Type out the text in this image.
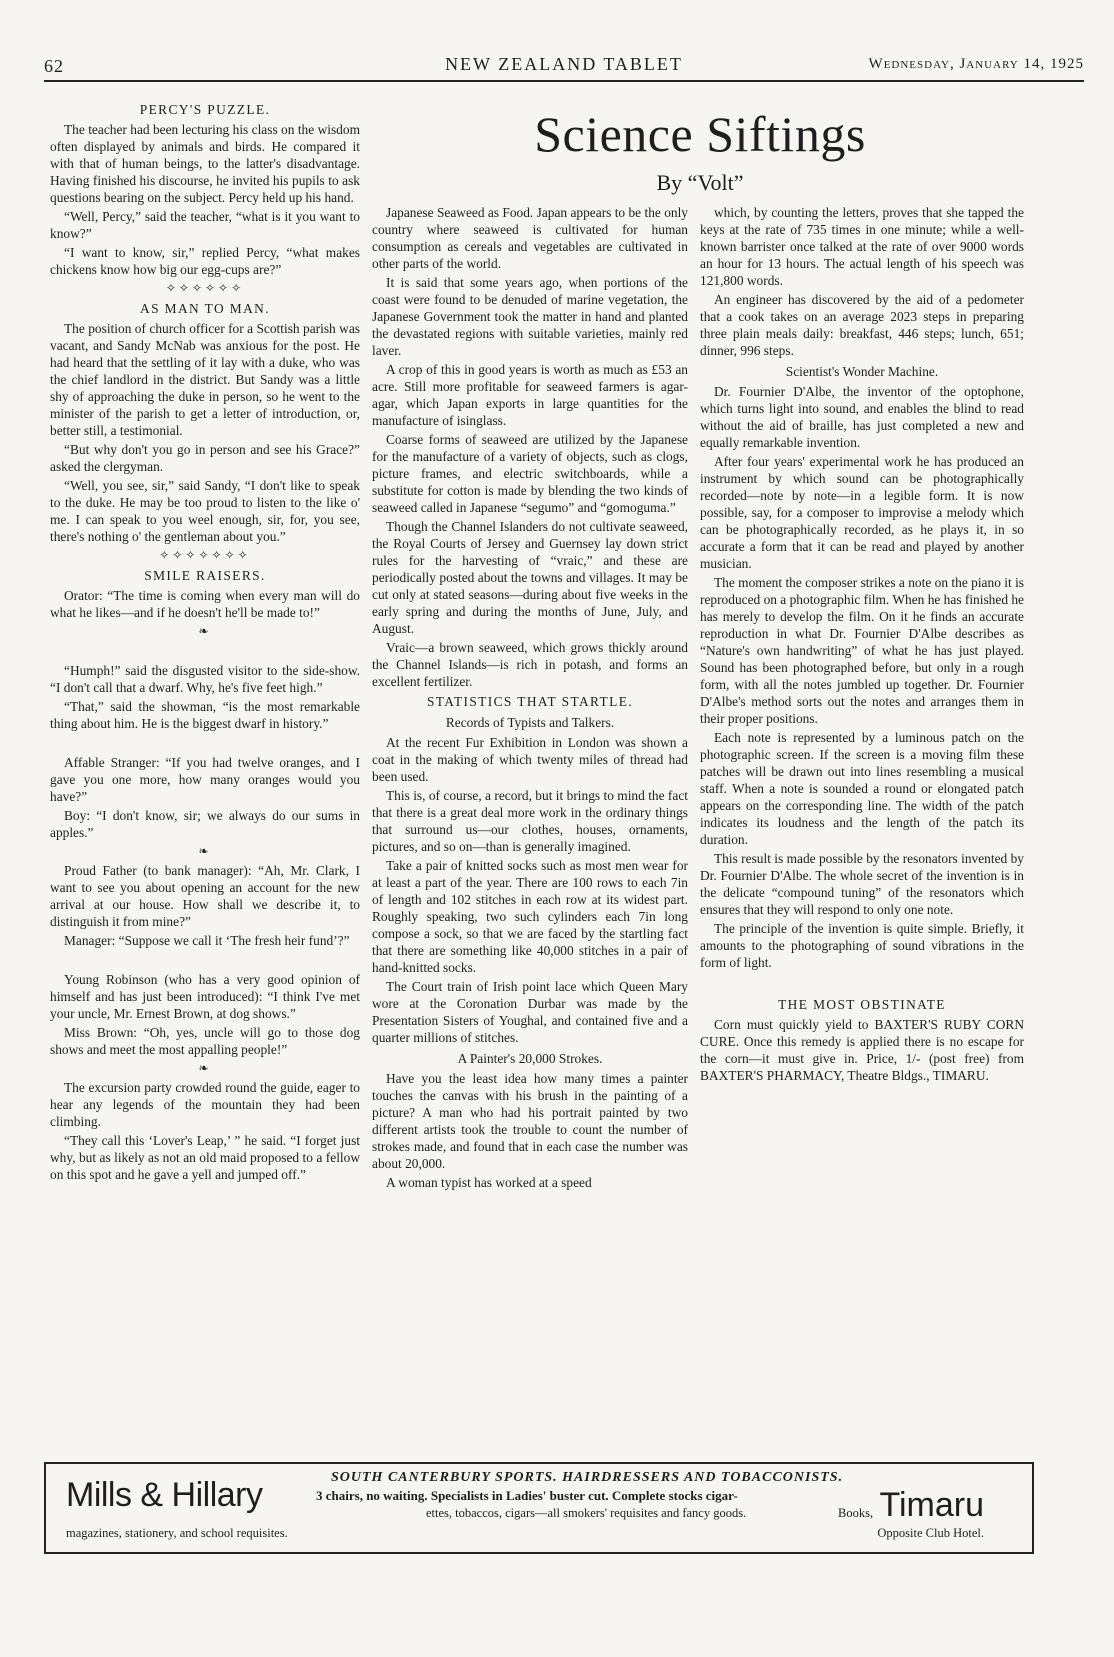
62	NEW ZEALAND TABLET	Wednesday, January 14, 1925
PERCY'S PUZZLE.

The teacher had been lecturing his class on the wisdom often displayed by animals and birds. He compared it with that of human beings, to the latter's disadvantage. Having finished his discourse, he invited his pupils to ask questions bearing on the subject. Percy held up his hand.

“Well, Percy,” said the teacher, “what is it you want to know?”

“I want to know, sir,” replied Percy, “what makes chickens know how big our egg-cups are?”

✧✧✧✧✧✧
AS MAN TO MAN.

The position of church officer for a Scottish parish was vacant, and Sandy McNab was anxious for the post. He had heard that the settling of it lay with a duke, who was the chief landlord in the district. But Sandy was a little shy of approaching the duke in person, so he went to the minister of the parish to get a letter of introduction, or, better still, a testimonial.

“But why don't you go in person and see his Grace?” asked the clergyman.

“Well, you see, sir,” said Sandy, “I don't like to speak to the duke. He may be too proud to listen to the like o' me. I can speak to you weel enough, sir, for, you see, there's nothing o' the gentleman about you.”

✧✧✧✧✧✧✧
SMILE RAISERS.

Orator: “The time is coming when every man will do what he likes—and if he doesn't he'll be made to!”

❧

“Humph!” said the disgusted visitor to the side-show. “I don't call that a dwarf. Why, he's five feet high.”

“That,” said the showman, “is the most remarkable thing about him. He is the biggest dwarf in history.”

Affable Stranger: “If you had twelve oranges, and I gave you one more, how many oranges would you have?”

Boy: “I don't know, sir; we always do our sums in apples.”

❧

Proud Father (to bank manager): “Ah, Mr. Clark, I want to see you about opening an account for the new arrival at our house. How shall we describe it, to distinguish it from mine?”

Manager: “Suppose we call it ‘The fresh heir fund’?”

Young Robinson (who has a very good opinion of himself and has just been introduced): “I think I've met your uncle, Mr. Ernest Brown, at dog shows.”

Miss Brown: “Oh, yes, uncle will go to those dog shows and meet the most appalling people!”

❧

The excursion party crowded round the guide, eager to hear any legends of the mountain they had been climbing.

“They call this ‘Lover's Leap,’ ” he said. “I forget just why, but as likely as not an old maid proposed to a fellow on this spot and he gave a yell and jumped off.”

Science Siftings
By “Volt”

Japanese Seaweed as Food. Japan appears to be the only country where seaweed is cultivated for human consumption as cereals and vegetables are cultivated in other parts of the world.

It is said that some years ago, when portions of the coast were found to be denuded of marine vegetation, the Japanese Government took the matter in hand and planted the devastated regions with suitable varieties, mainly red laver.

A crop of this in good years is worth as much as £53 an acre. Still more profitable for seaweed farmers is agar-agar, which Japan exports in large quantities for the manufacture of isinglass.

Coarse forms of seaweed are utilized by the Japanese for the manufacture of a variety of objects, such as clogs, picture frames, and electric switchboards, while a substitute for cotton is made by blending the two kinds of seaweed called in Japanese “segumo” and “gomoguma.”

Though the Channel Islanders do not cultivate seaweed, the Royal Courts of Jersey and Guernsey lay down strict rules for the harvesting of “vraic,” and these are periodically posted about the towns and villages. It may be cut only at stated seasons—during about five weeks in the early spring and during the months of June, July, and August.

Vraic—a brown seaweed, which grows thickly around the Channel Islands—is rich in potash, and forms an excellent fertilizer.

STATISTICS THAT STARTLE.
Records of Typists and Talkers.

At the recent Fur Exhibition in London was shown a coat in the making of which twenty miles of thread had been used.

This is, of course, a record, but it brings to mind the fact that there is a great deal more work in the ordinary things that surround us—our clothes, houses, ornaments, pictures, and so on—than is generally imagined.

Take a pair of knitted socks such as most men wear for at least a part of the year. There are 100 rows to each 7in of length and 102 stitches in each row at its widest part. Roughly speaking, two such cylinders each 7in long compose a sock, so that we are faced by the startling fact that there are something like 40,000 stitches in a pair of hand-knitted socks.

The Court train of Irish point lace which Queen Mary wore at the Coronation Durbar was made by the Presentation Sisters of Youghal, and contained five and a quarter millions of stitches.

A Painter's 20,000 Strokes.

Have you the least idea how many times a painter touches the canvas with his brush in the painting of a picture? A man who had his portrait painted by two different artists took the trouble to count the number of strokes made, and found that in each case the number was about 20,000.

A woman typist has worked at a speed

which, by counting the letters, proves that she tapped the keys at the rate of 735 times in one minute; while a well-known barrister once talked at the rate of over 9000 words an hour for 13 hours. The actual length of his speech was 121,800 words.

An engineer has discovered by the aid of a pedometer that a cook takes on an average 2023 steps in preparing three plain meals daily: breakfast, 446 steps; lunch, 651; dinner, 996 steps.

Scientist's Wonder Machine.

Dr. Fournier D'Albe, the inventor of the optophone, which turns light into sound, and enables the blind to read without the aid of braille, has just completed a new and equally remarkable invention.

After four years' experimental work he has produced an instrument by which sound can be photographically recorded—note by note—in a legible form. It is now possible, say, for a composer to improvise a melody which can be photographically recorded, as he plays it, in so accurate a form that it can be read and played by another musician.

The moment the composer strikes a note on the piano it is reproduced on a photographic film. When he has finished he has merely to develop the film. On it he finds an accurate reproduction in what Dr. Fournier D'Albe describes as “Nature's own handwriting” of what he has just played. Sound has been photographed before, but only in a rough form, with all the notes jumbled up together. Dr. Fournier D'Albe's method sorts out the notes and arranges them in their proper positions.

Each note is represented by a luminous patch on the photographic screen. If the screen is a moving film these patches will be drawn out into lines resembling a musical staff. When a note is sounded a round or elongated patch appears on the corresponding line. The width of the patch indicates its loudness and the length of the patch its duration.

This result is made possible by the resonators invented by Dr. Fournier D'Albe. The whole secret of the invention is in the delicate “compound tuning” of the resonators which ensures that they will respond to only one note.

The principle of the invention is quite simple. Briefly, it amounts to the photographing of sound vibrations in the form of light.

THE MOST OBSTINATE

Corn must quickly yield to BAXTER'S RUBY CORN CURE. Once this remedy is applied there is no escape for the corn—it must give in. Price, 1/- (post free) from BAXTER'S PHARMACY, Theatre Bldgs., TIMARU.

Mills & Hillary	SOUTH CANTERBURY SPORTS. HAIRDRESSERS AND TOBACCONISTS.
3 chairs, no waiting. Specialists in Ladies' buster cut. Complete stocks cigar-
ettes, tobaccos, cigars—all smokers' requisites and fancy goods.	Books,
magazines, stationery, and school requisites.
Timaru
Opposite Club Hotel.
